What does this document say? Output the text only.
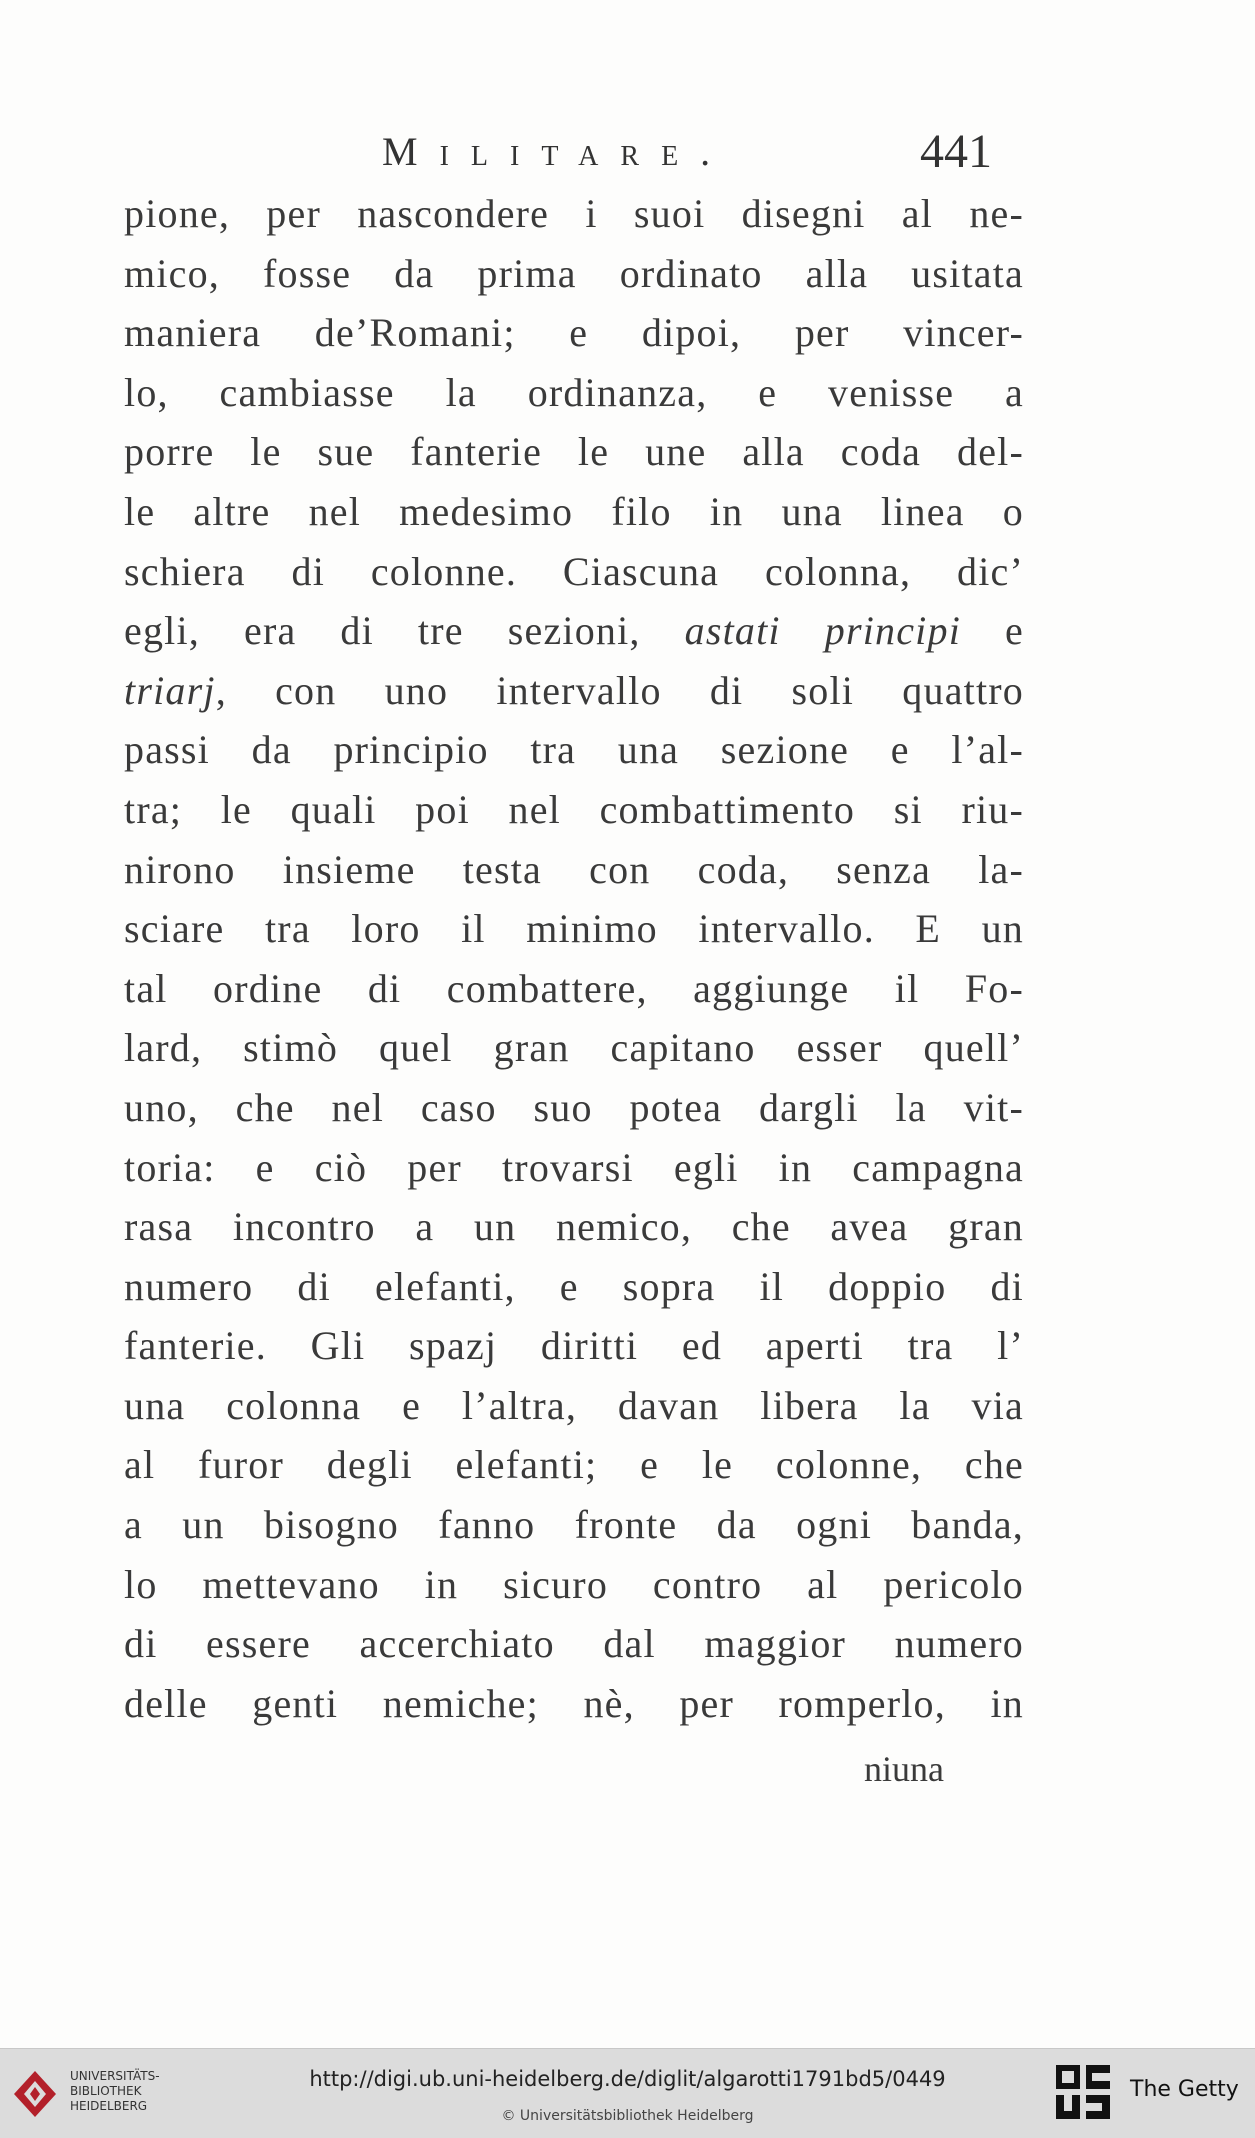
Militare.	441
pione, per nascondere i suoi disegni al ne-
mico, fosse da prima ordinato alla usitata
maniera de’Romani; e dipoi, per vincer-
lo, cambiasse la ordinanza, e venisse a
porre le sue fanterie le une alla coda del-
le altre nel medesimo filo in una linea o
schiera di colonne. Ciascuna colonna, dic’
egli, era di tre sezioni, astati principi e
triarj, con uno intervallo di soli quattro
passi da principio tra una sezione e l’al-
tra; le quali poi nel combattimento si riu-
nirono insieme testa con coda, senza la-
sciare tra loro il minimo intervallo. E un
tal ordine di combattere, aggiunge il Fo-
lard, stimò quel gran capitano esser quell’
uno, che nel caso suo potea dargli la vit-
toria: e ciò per trovarsi egli in campagna
rasa incontro a un nemico, che avea gran
numero di elefanti, e sopra il doppio di
fanterie. Gli spazj diritti ed aperti tra l’
una colonna e l’altra, davan libera la via
al furor degli elefanti; e le colonne, che
a un bisogno fanno fronte da ogni banda,
lo mettevano in sicuro contro al pericolo
di essere accerchiato dal maggior numero
delle genti nemiche; nè, per romperlo, in
niuna
UNIVERSITÄTS-
BIBLIOTHEK
HEIDELBERG
http://digi.ub.uni-heidelberg.de/diglit/algarotti1791bd5/0449
© Universitätsbibliothek Heidelberg
The Getty
